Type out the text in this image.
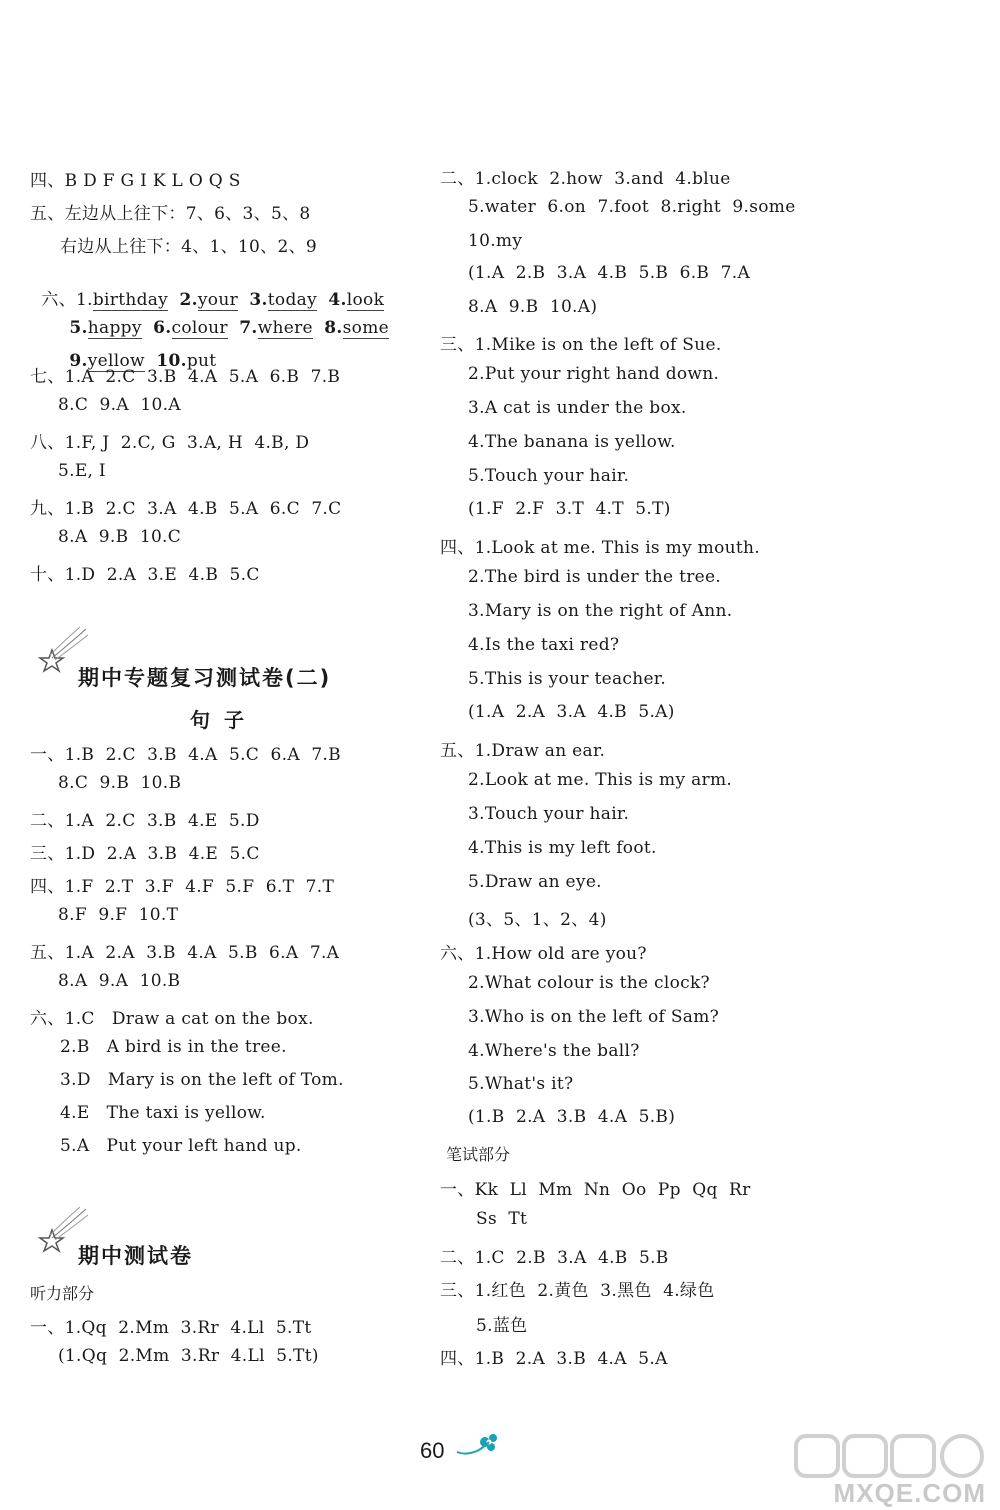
四、B D F G I K L O Q S
五、左边从上往下：7、6、3、5、8
右边从上往下：4、1、10、2、9

六、1.birthday 2.your 3.today 4.look

5.happy 6.colour 7.where 8.some

9.yellow 10.put

七、1.A  2.C  3.B  4.A  5.A  6.B  7.B
8.C  9.A  10.A
八、1.F, J  2.C, G  3.A, H  4.B, D
5.E, I
九、1.B  2.C  3.A  4.B  5.A  6.C  7.C
8.A  9.B  10.C
十、1.D  2.A  3.E  4.B  5.C
期中专题复习测试卷(二)
句子
一、1.B  2.C  3.B  4.A  5.C  6.A  7.B
8.C  9.B  10.B
二、1.A  2.C  3.B  4.E  5.D
三、1.D  2.A  3.B  4.E  5.C
四、1.F  2.T  3.F  4.F  5.F  6.T  7.T
8.F  9.F  10.T
五、1.A  2.A  3.B  4.A  5.B  6.A  7.A
8.A  9.A  10.B
六、1.C   Draw a cat on the box.
2.B   A bird is in the tree.
3.D   Mary is on the left of Tom.
4.E   The taxi is yellow.
5.A   Put your left hand up.
期中测试卷
听力部分
一、1.Qq  2.Mm  3.Rr  4.Ll  5.Tt
(1.Qq  2.Mm  3.Rr  4.Ll  5.Tt)
二、1.clock  2.how  3.and  4.blue
5.water  6.on  7.foot  8.right  9.some
10.my
(1.A  2.B  3.A  4.B  5.B  6.B  7.A
8.A  9.B  10.A)
三、1.Mike is on the left of Sue.
2.Put your right hand down.
3.A cat is under the box.
4.The banana is yellow.
5.Touch your hair.
(1.F  2.F  3.T  4.T  5.T)
四、1.Look at me. This is my mouth.
2.The bird is under the tree.
3.Mary is on the right of Ann.
4.Is the taxi red?
5.This is your teacher.
(1.A  2.A  3.A  4.B  5.A)
五、1.Draw an ear.
2.Look at me. This is my arm.
3.Touch your hair.
4.This is my left foot.
5.Draw an eye.
(3、5、1、2、4)
六、1.How old are you?
2.What colour is the clock?
3.Who is on the left of Sam?
4.Where's the ball?
5.What's it?
(1.B  2.A  3.B  4.A  5.B)
笔试部分
一、Kk  Ll  Mm  Nn  Oo  Pp  Qq  Rr
Ss  Tt
二、1.C  2.B  3.A  4.B  5.B
三、1.红色  2.黄色  3.黑色  4.绿色
5.蓝色
四、1.B  2.A  3.B  4.A  5.A
60
MXQE.COM
